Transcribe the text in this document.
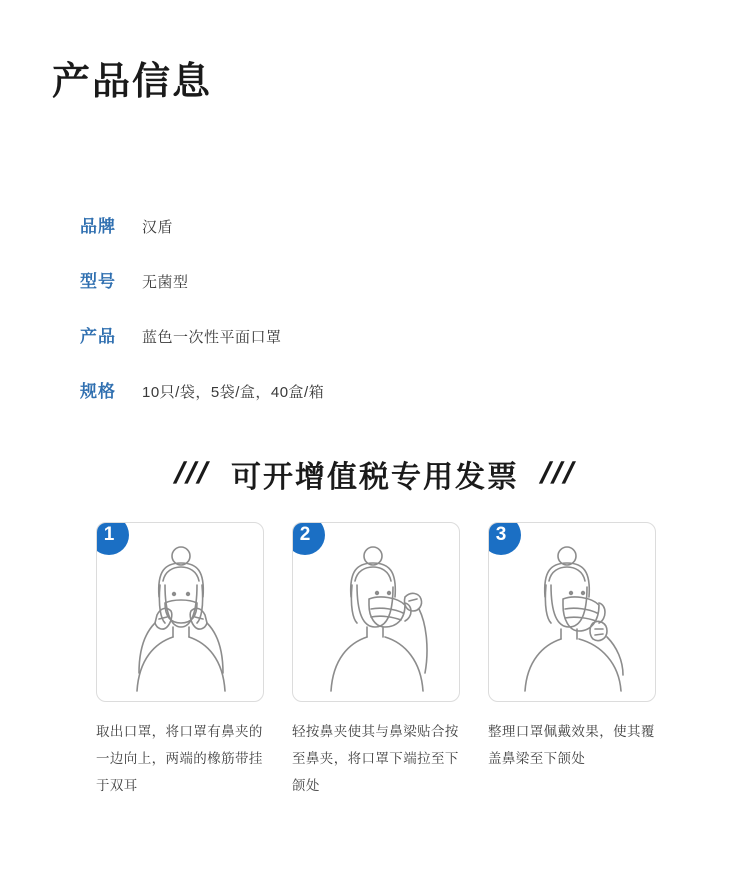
产品信息
品牌	汉盾
型号	无菌型
产品	蓝色一次性平面口罩
规格	10只/袋，5袋/盒，40盒/箱
/// 可开增值税专用发票 ///
1
取出口罩，将口罩有鼻夹的一边向上，两端的橡筋带挂于双耳
2
轻按鼻夹使其与鼻梁贴合按至鼻夹，将口罩下端拉至下颌处
3
整理口罩佩戴效果，使其覆盖鼻梁至下颌处
